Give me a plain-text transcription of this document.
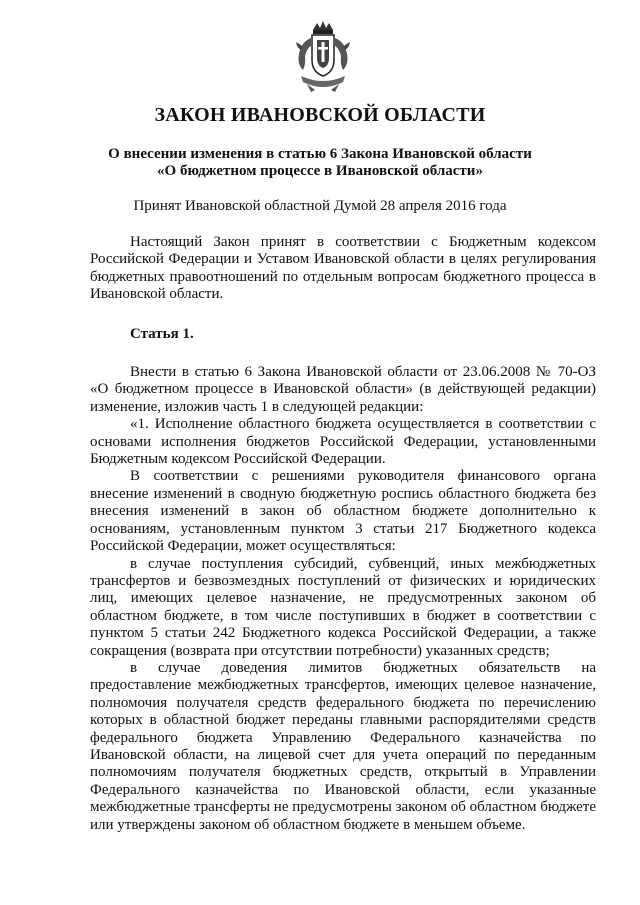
ЗАКОН ИВАНОВСКОЙ ОБЛАСТИ
О внесении изменения в статью 6 Закона Ивановской области
«О бюджетном процессе в Ивановской области»
Принят Ивановской областной Думой 28 апреля 2016 года

Настоящий Закон принят в соответствии с Бюджетным кодексом Российской Федерации и Уставом Ивановской области в целях регулирования бюджетных правоотношений по отдельным вопросам бюджетного процесса в Ивановской области.

Статья 1.

Внести в статью 6 Закона Ивановской области от 23.06.2008 № 70-ОЗ «О бюджетном процессе в Ивановской области» (в действующей редакции) изменение, изложив часть 1 в следующей редакции:

«1. Исполнение областного бюджета осуществляется в соответствии с основами исполнения бюджетов Российской Федерации, установленными Бюджетным кодексом Российской Федерации.

В соответствии с решениями руководителя финансового органа внесение изменений в сводную бюджетную роспись областного бюджета без внесения изменений в закон об областном бюджете дополнительно к основаниям, установленным пунктом 3 статьи 217 Бюджетного кодекса Российской Федерации, может осуществляться:

в случае поступления субсидий, субвенций, иных межбюджетных трансфертов и безвозмездных поступлений от физических и юридических лиц, имеющих целевое назначение, не предусмотренных законом об областном бюджете, в том числе поступивших в бюджет в соответствии с пунктом 5 статьи 242 Бюджетного кодекса Российской Федерации, а также сокращения (возврата при отсутствии потребности) указанных средств;

в случае доведения лимитов бюджетных обязательств на предоставление межбюджетных трансфертов, имеющих целевое назначение, полномочия получателя средств федерального бюджета по перечислению которых в областной бюджет переданы главными распорядителями средств федерального бюджета Управлению Федерального казначейства по Ивановской области, на лицевой счет для учета операций по переданным полномочиям получателя бюджетных средств, открытый в Управлении Федерального казначейства по Ивановской области, если указанные межбюджетные трансферты не предусмотрены законом об областном бюджете или утверждены законом об областном бюджете в меньшем объеме.
